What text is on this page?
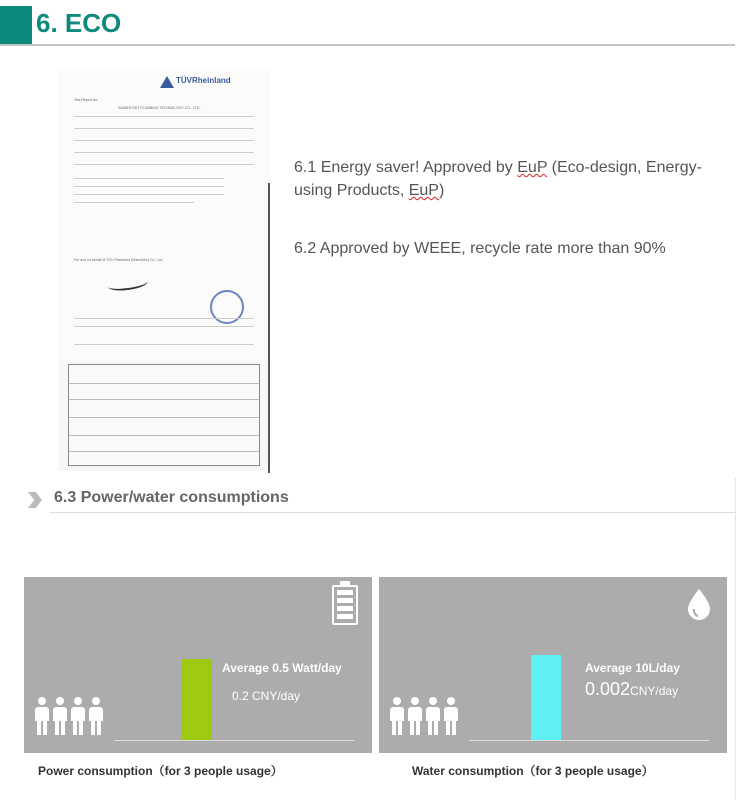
6. ECO
TÜVRheinland
Test Report No.
XIAMEN R&T PLUMBING TECHNOLOGY CO., LTD.
For and on behalf of TÜV Rheinland (Shenzhen) Co., Ltd.
6.1 Energy saver! Approved by EuP (Eco-design, Energy-using Products, EuP)
6.2 Approved by WEEE, recycle rate more than 90%
6.3 Power/water consumptions
Average 0.5 Watt/day
0.2 CNY/day
Average 10L/day
0.002CNY/day
Power consumption（for 3 people usage）	Water consumption（for 3 people usage）
